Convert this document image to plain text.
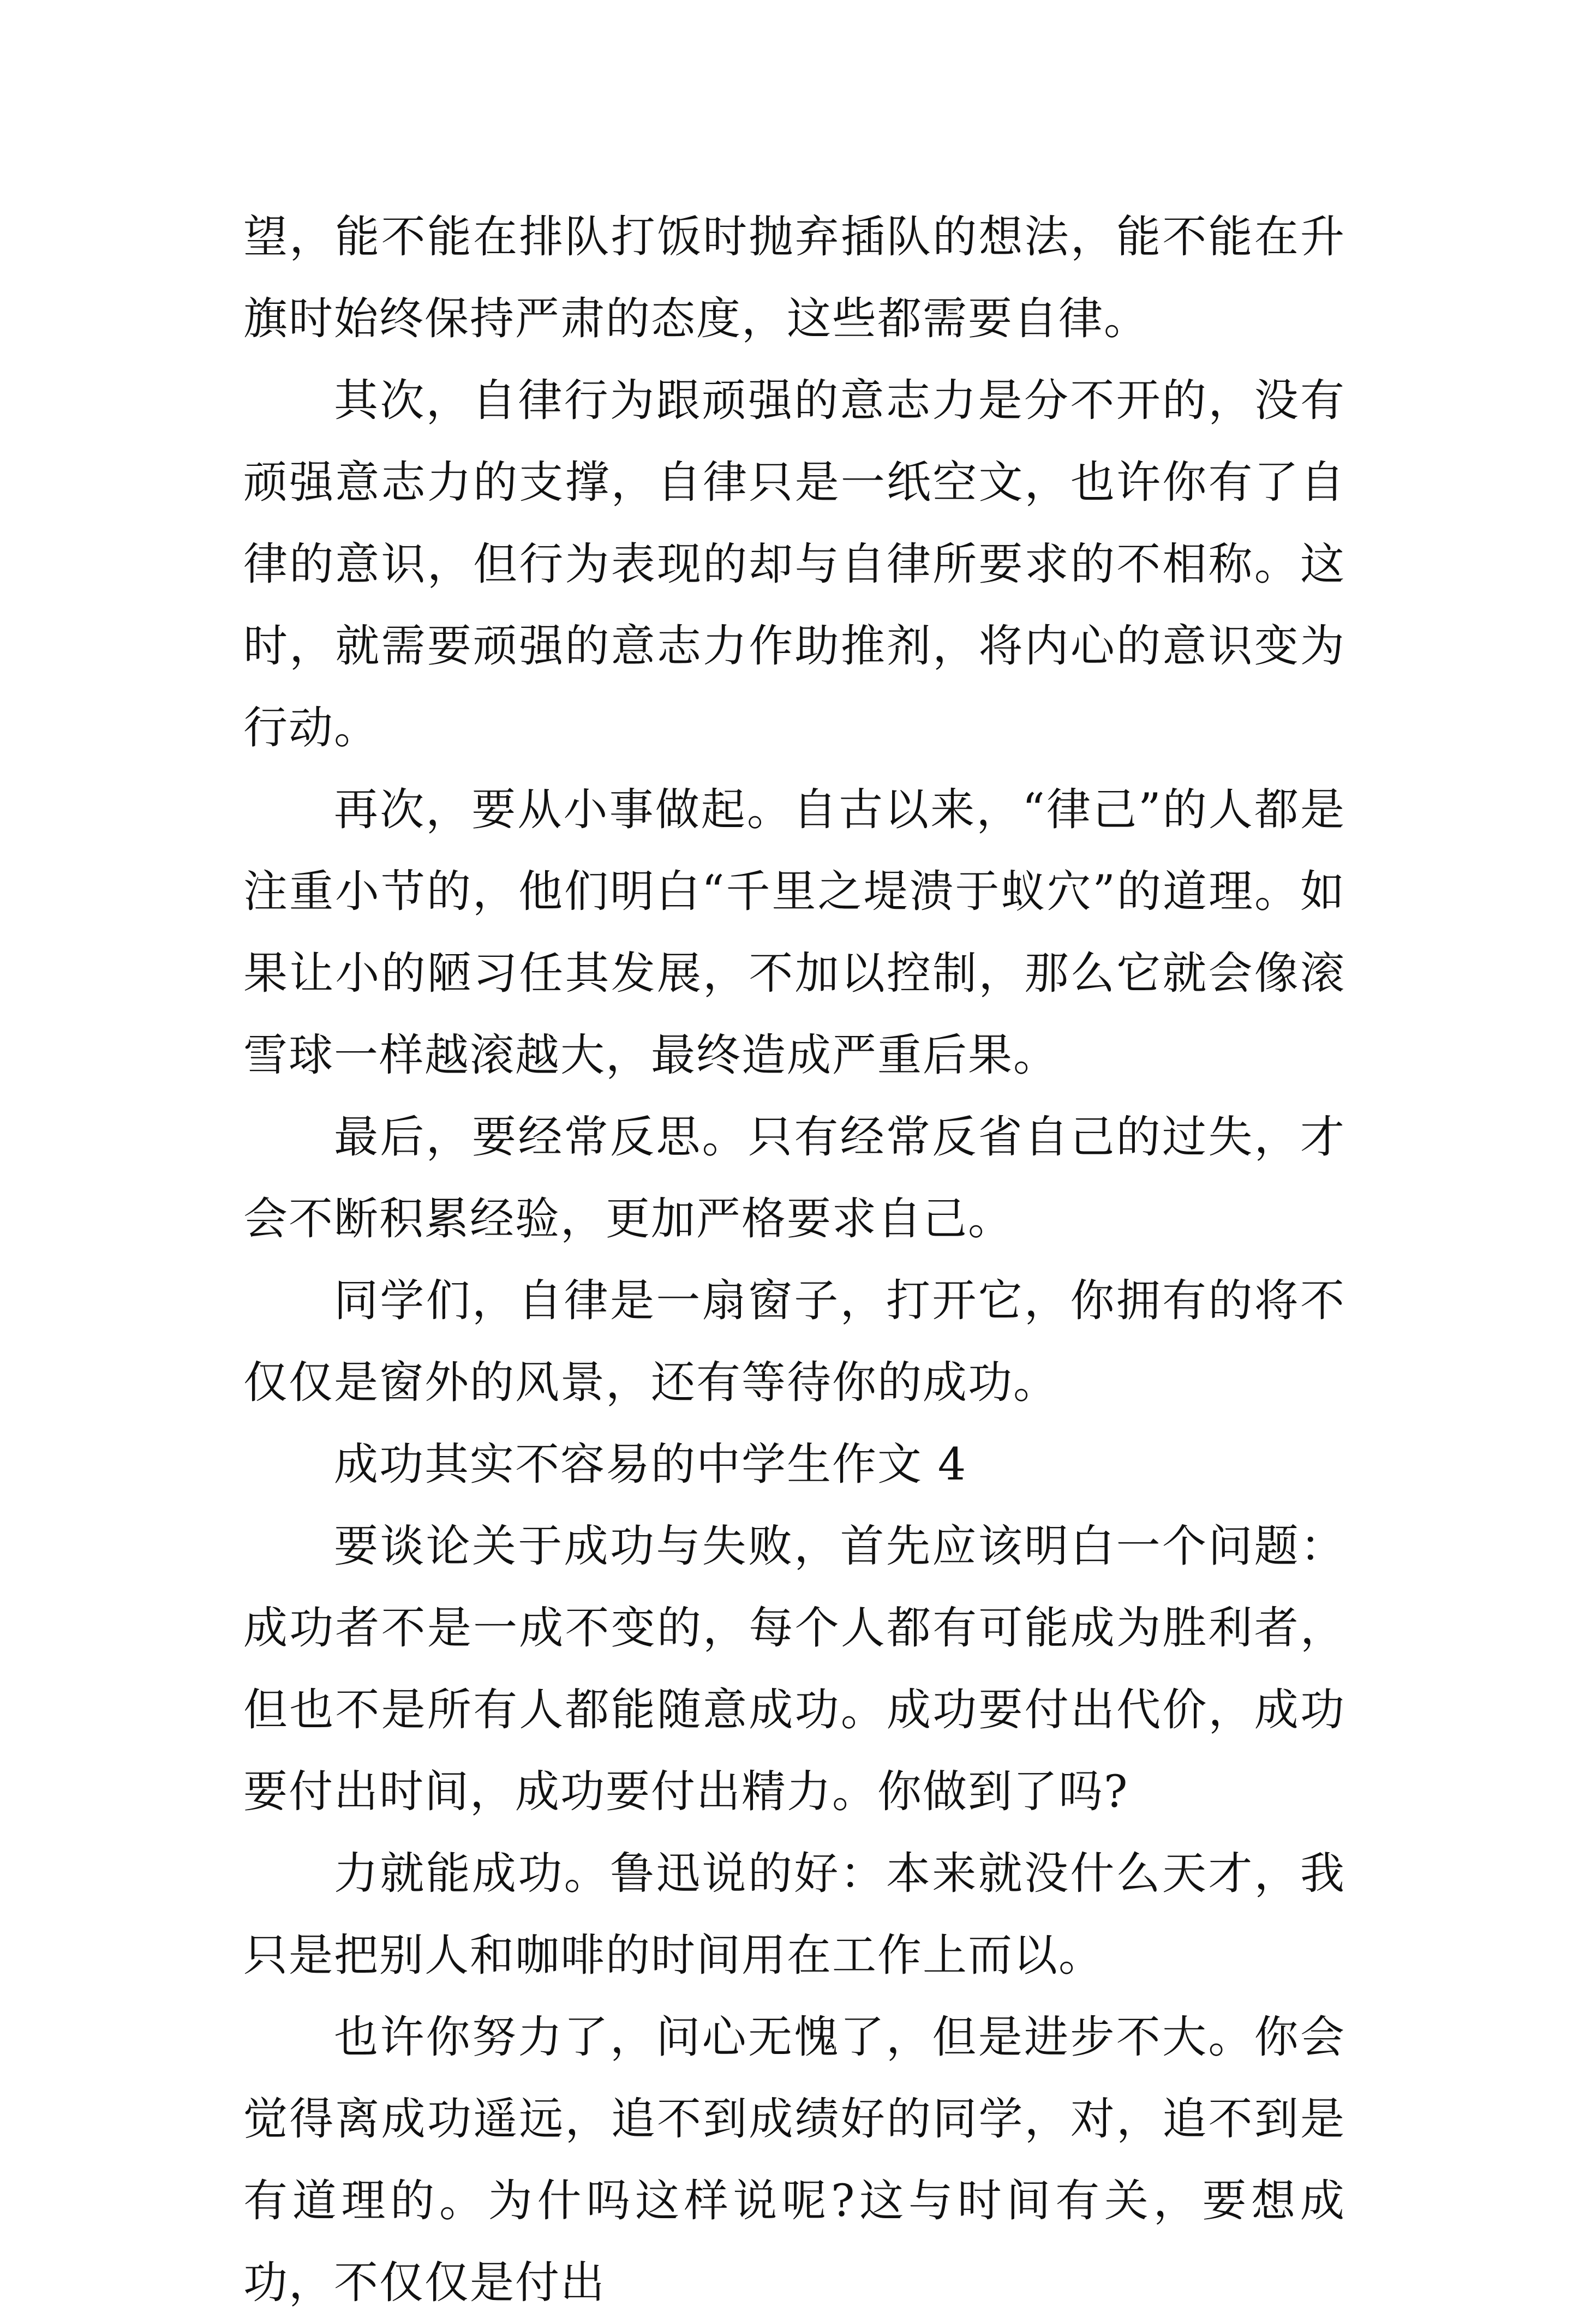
望，能不能在排队打饭时抛弃插队的想法，能不能在升旗时始终保持严肃的态度，这些都需要自律。

其次，自律行为跟顽强的意志力是分不开的，没有顽强意志力的支撑，自律只是一纸空文，也许你有了自律的意识，但行为表现的却与自律所要求的不相称。这时，就需要顽强的意志力作助推剂，将内心的意识变为行动。

再次，要从小事做起。自古以来，“律己”的人都是注重小节的，他们明白“千里之堤溃于蚁穴”的道理。如果让小的陋习任其发展，不加以控制，那么它就会像滚雪球一样越滚越大，最终造成严重后果。

最后，要经常反思。只有经常反省自己的过失，才会不断积累经验，更加严格要求自己。

同学们，自律是一扇窗子，打开它，你拥有的将不仅仅是窗外的风景，还有等待你的成功。

成功其实不容易的中学生作文 4

要谈论关于成功与失败，首先应该明白一个问题：成功者不是一成不变的，每个人都有可能成为胜利者，但也不是所有人都能随意成功。成功要付出代价，成功要付出时间，成功要付出精力。你做到了吗?

力就能成功。鲁迅说的好：本来就没什么天才，我只是把别人和咖啡的时间用在工作上而以。

也许你努力了，问心无愧了，但是进步不大。你会觉得离成功遥远，追不到成绩好的同学，对，追不到是有道理的。为什吗这样说呢?这与时间有关，要想成功，不仅仅是付出
